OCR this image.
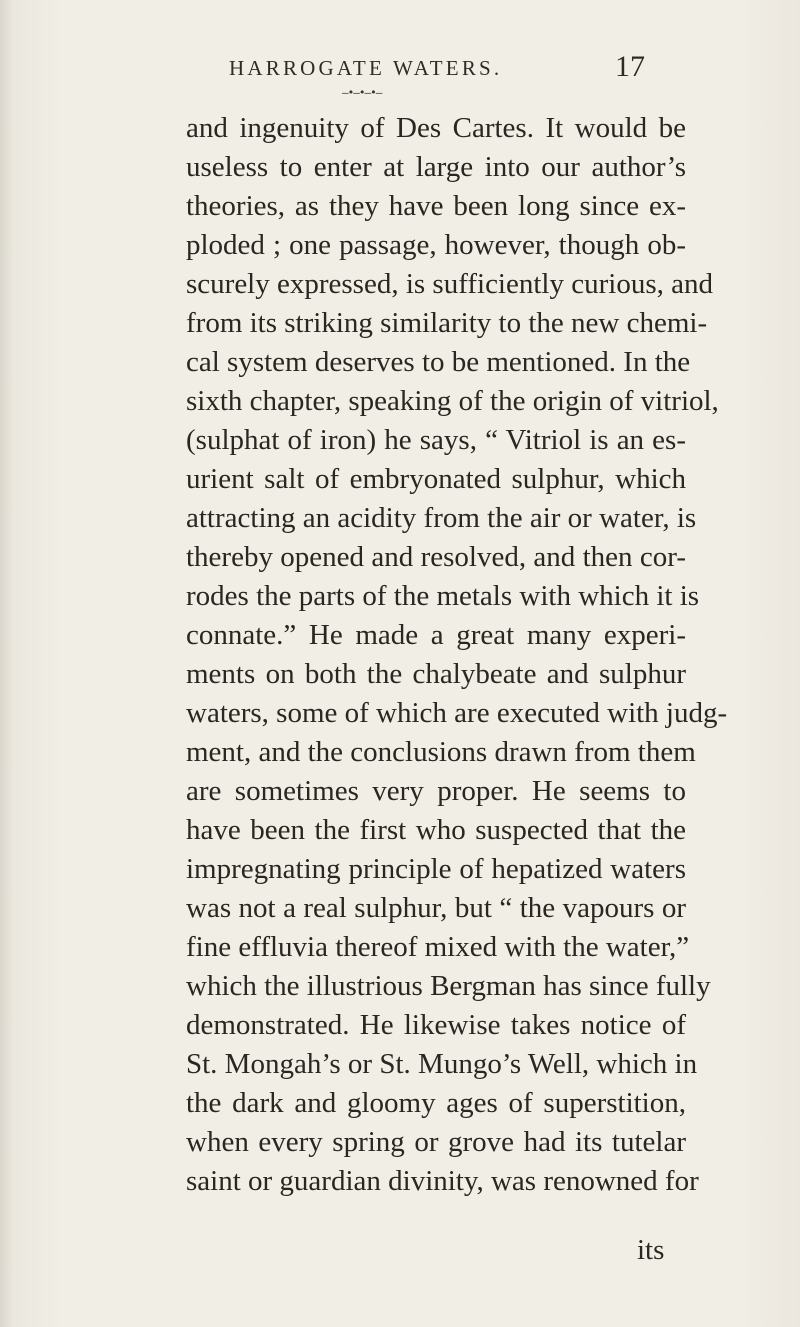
HARROGATE WATERS.	17
—•—•—•—
and ingenuity of Des Cartes. It would be
useless to enter at large into our author’s
theories, as they have been long since ex-
ploded ; one passage, however, though ob-
scurely expressed, is sufficiently curious, and
from its striking similarity to the new chemi-
cal system deserves to be mentioned. In the
sixth chapter, speaking of the origin of vitriol,
(sulphat of iron) he says, “ Vitriol is an es-
urient salt of embryonated sulphur, which
attracting an acidity from the air or water, is
thereby opened and resolved, and then cor-
rodes the parts of the metals with which it is
connate.” He made a great many experi-
ments on both the chalybeate and sulphur
waters, some of which are executed with judg-
ment, and the conclusions drawn from them
are sometimes very proper. He seems to
have been the first who suspected that the
impregnating principle of hepatized waters
was not a real sulphur, but “ the vapours or
fine effluvia thereof mixed with the water,”
which the illustrious Bergman has since fully
demonstrated. He likewise takes notice of
St. Mongah’s or St. Mungo’s Well, which in
the dark and gloomy ages of superstition,
when every spring or grove had its tutelar
saint or guardian divinity, was renowned for
its
